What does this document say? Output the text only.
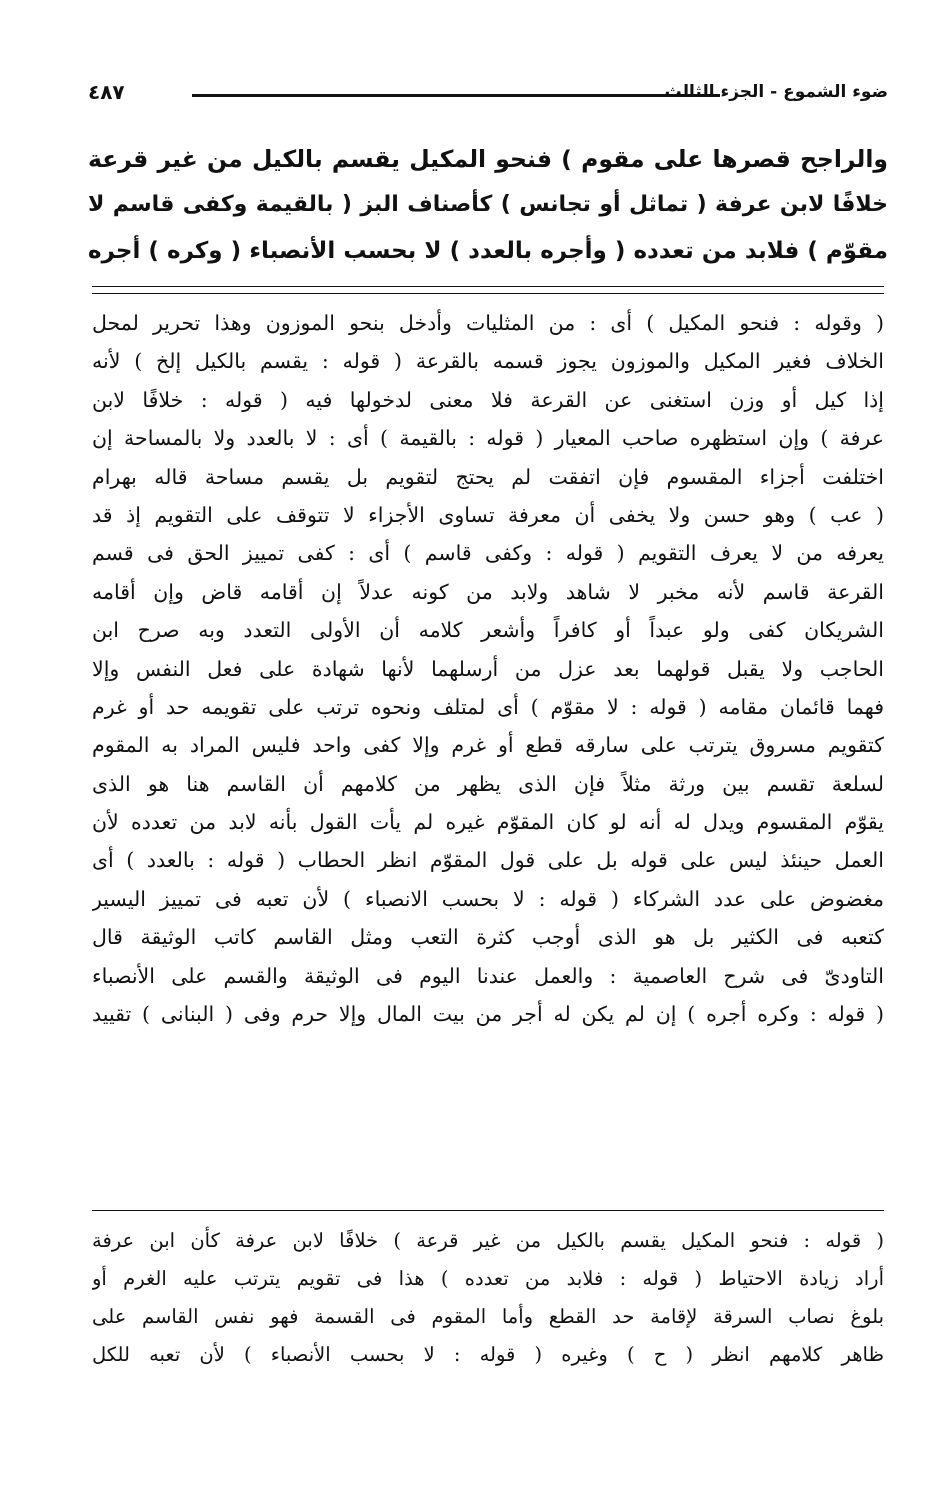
ضوء الشموع - الجزء الثالث
٤٨٧
والراجح قصرها على مقوم ) فنحو المكيل يقسم بالكيل من غير قرعة
خلافًا لابن عرفة ( تماثل أو تجانس ) كأصناف البز ( بالقيمة وكفى قاسم لا
مقوّم ) فلابد من تعدده ( وأجره بالعدد ) لا بحسب الأنصباء ( وكره ) أجره
( وقوله : فنحو المكيل ) أى : من المثليات وأدخل بنحو الموزون وهذا تحرير لمحل
الخلاف فغير المكيل والموزون يجوز قسمه بالقرعة ( قوله : يقسم بالكيل إلخ ) لأنه
إذا كيل أو وزن استغنى عن القرعة فلا معنى لدخولها فيه ( قوله : خلافًا لابن
عرفة ) وإن استظهره صاحب المعيار ( قوله : بالقيمة ) أى : لا بالعدد ولا بالمساحة إن
اختلفت أجزاء المقسوم فإن اتفقت لم يحتج لتقويم بل يقسم مساحة قاله بهرام
( عب ) وهو حسن ولا يخفى أن معرفة تساوى الأجزاء لا تتوقف على التقويم إذ قد
يعرفه من لا يعرف التقويم ( قوله : وكفى قاسم ) أى : كفى تمييز الحق فى قسم
القرعة قاسم لأنه مخبر لا شاهد ولابد من كونه عدلاً إن أقامه قاض وإن أقامه
الشريكان كفى ولو عبداً أو كافراً وأشعر كلامه أن الأولى التعدد وبه صرح ابن
الحاجب ولا يقبل قولهما بعد عزل من أرسلهما لأنها شهادة على فعل النفس وإلا
فهما قائمان مقامه ( قوله : لا مقوّم ) أى لمتلف ونحوه ترتب على تقويمه حد أو غرم
كتقويم مسروق يترتب على سارقه قطع أو غرم وإلا كفى واحد فليس المراد به المقوم
لسلعة تقسم بين ورثة مثلاً فإن الذى يظهر من كلامهم أن القاسم هنا هو الذى
يقوّم المقسوم ويدل له أنه لو كان المقوّم غيره لم يأت القول بأنه لابد من تعدده لأن
العمل حينئذ ليس على قوله بل على قول المقوّم انظر الحطاب ( قوله : بالعدد ) أى
مغضوض على عدد الشركاء ( قوله : لا بحسب الانصباء ) لأن تعبه فى تمييز اليسير
كتعبه فى الكثير بل هو الذى أوجب كثرة التعب ومثل القاسم كاتب الوثيقة قال
التاودىّ فى شرح العاصمية : والعمل عندنا اليوم فى الوثيقة والقسم على الأنصباء
( قوله : وكره أجره ) إن لم يكن له أجر من بيت المال وإلا حرم وفى ( البنانى ) تقييد
( قوله : فنحو المكيل يقسم بالكيل من غير قرعة ) خلافًا لابن عرفة كأن ابن عرفة
أراد زيادة الاحتياط ( قوله : فلابد من تعدده ) هذا فى تقويم يترتب عليه الغرم أو
بلوغ نصاب السرقة لإقامة حد القطع وأما المقوم فى القسمة فهو نفس القاسم على
ظاهر كلامهم انظر ( ح ) وغيره ( قوله : لا بحسب الأنصباء ) لأن تعبه للكل
